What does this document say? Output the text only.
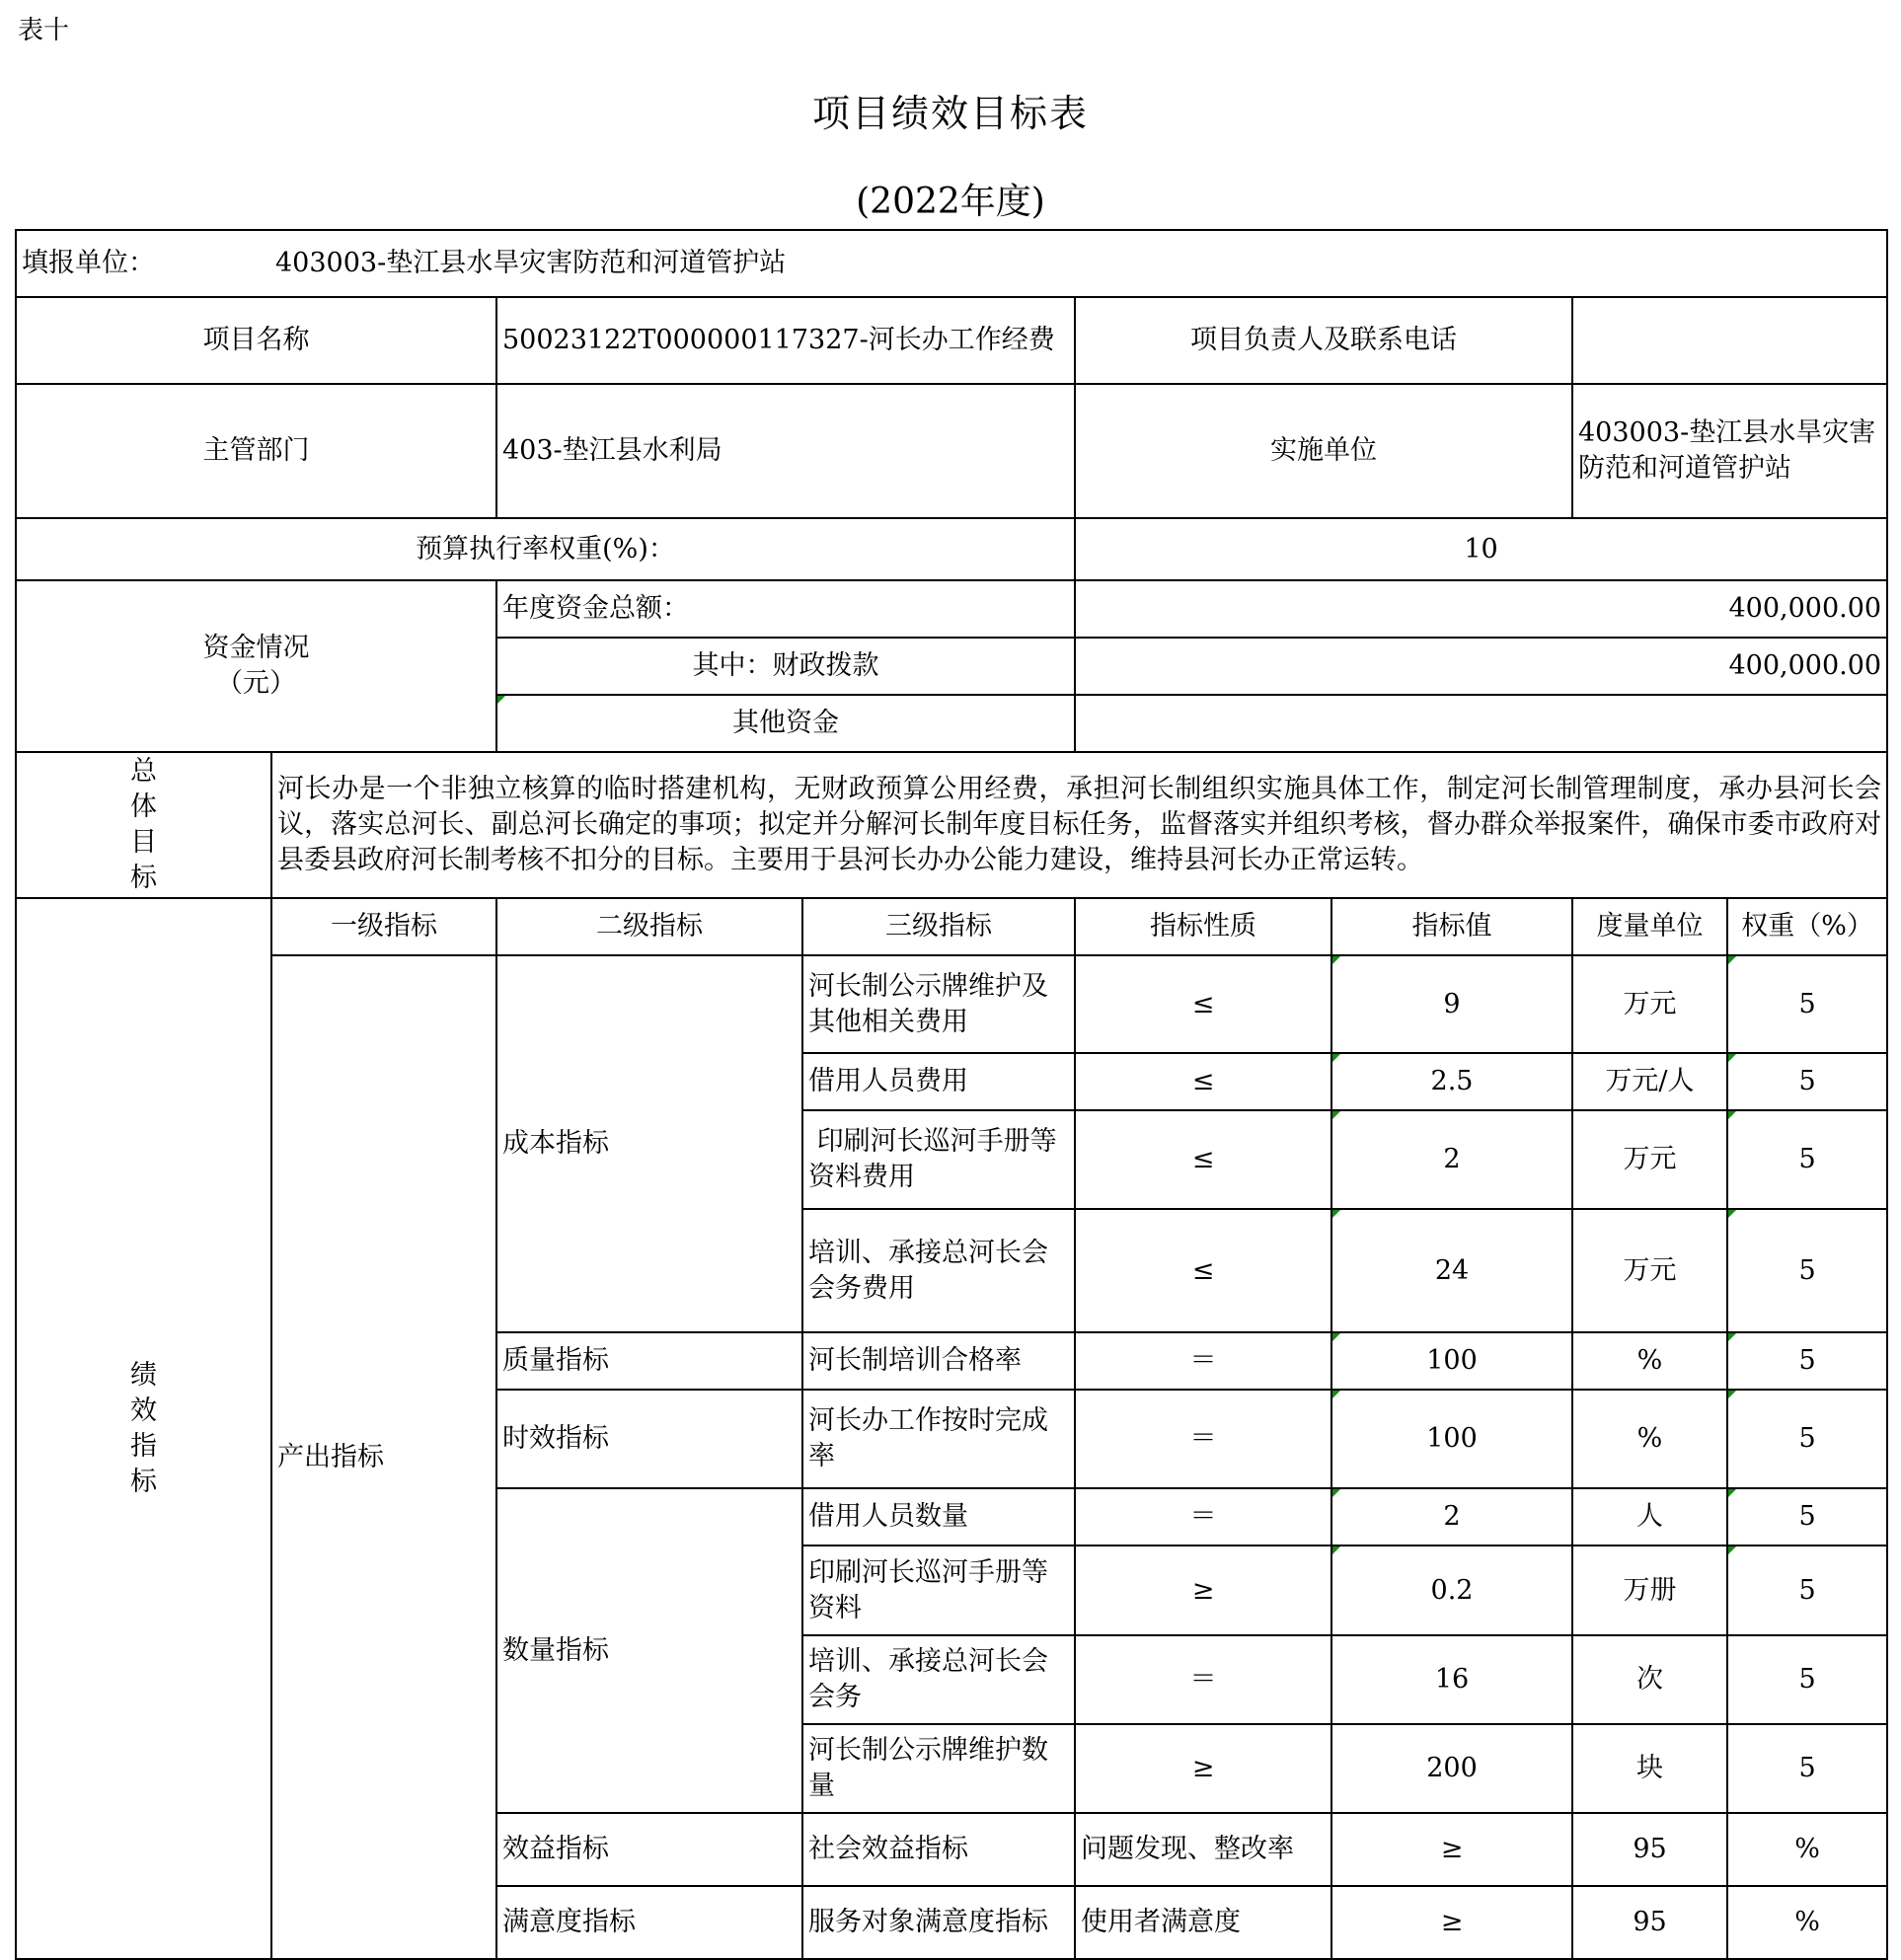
表十
项目绩效目标表
(2022年度)
填报单位： 403003-垫江县水旱灾害防范和河道管护站								
项目名称		50023122T000000117327-河长办工作经费		项目负责人及联系电话				
主管部门		403-垫江县水利局		实施单位		403003-垫江县水旱灾害防范和河道管护站		
预算执行率权重(%)：				10				

资金情况
（元）		年度资金总额：		400,000.00				
		其中：财政拨款		400,000.00				
		其他资金						

总
体
目
标	河长办是一个非独立核算的临时搭建机构，无财政预算公用经费，承担河长制组织实施具体工作，制定河长制管理制度，承办县河长会议，落实总河长、副总河长确定的事项；拟定并分解河长制年度目标任务，监督落实并组织考核，督办群众举报案件，确保市委市政府对县委县政府河长制考核不扣分的目标。主要用于县河长办办公能力建设，维持县河长办正常运转。							

绩
效
指
标	一级指标	二级指标	三级指标	指标性质	指标值	度量单位	权重（%）	
	产出指标	成本指标	河长制公示牌维护及其他相关费用	≤	9	万元	5	
			借用人员费用	≤	2.5	万元/人	5	
			印刷河长巡河手册等资料费用	≤	2	万元	5	
			培训、承接总河长会会务费用	≤	24	万元	5	
		质量指标	河长制培训合格率	＝	100	%	5	
		时效指标	河长办工作按时完成率	＝	100	%	5	
		数量指标	借用人员数量	＝	2	人	5	
			印刷河长巡河手册等资料	≥	0.2	万册	5	
			培训、承接总河长会会务	＝	16	次	5	
			河长制公示牌维护数量	≥	200	块	5	
		效益指标	社会效益指标	问题发现、整改率	≥	95	%	
		满意度指标	服务对象满意度指标	使用者满意度	≥	95	%	
